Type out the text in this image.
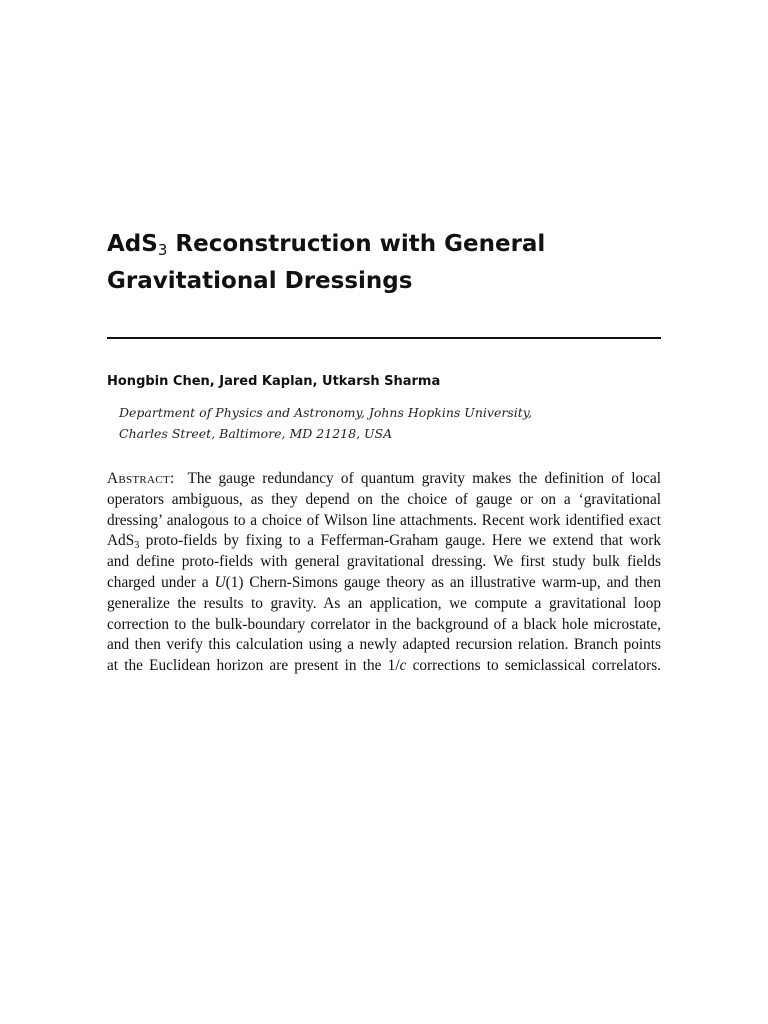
AdS$_3$ Reconstruction with General
Gravitational Dressings
Hongbin Chen, Jared Kaplan, Utkarsh Sharma
Department of Physics and Astronomy, Johns Hopkins University,
Charles Street, Baltimore, MD 21218, USA
Abstract: The gauge redundancy of quantum gravity makes the definition of local
operators ambiguous, as they depend on the choice of gauge or on a ‘gravitational
dressing’ analogous to a choice of Wilson line attachments. Recent work identified exact
AdS3 proto-fields by fixing to a Fefferman-Graham gauge. Here we extend that work
and define proto-fields with general gravitational dressing. We first study bulk fields
charged under a U(1) Chern-Simons gauge theory as an illustrative warm-up, and then
generalize the results to gravity. As an application, we compute a gravitational loop
correction to the bulk-boundary correlator in the background of a black hole microstate,
and then verify this calculation using a newly adapted recursion relation. Branch points
at the Euclidean horizon are present in the 1/c corrections to semiclassical correlators.
